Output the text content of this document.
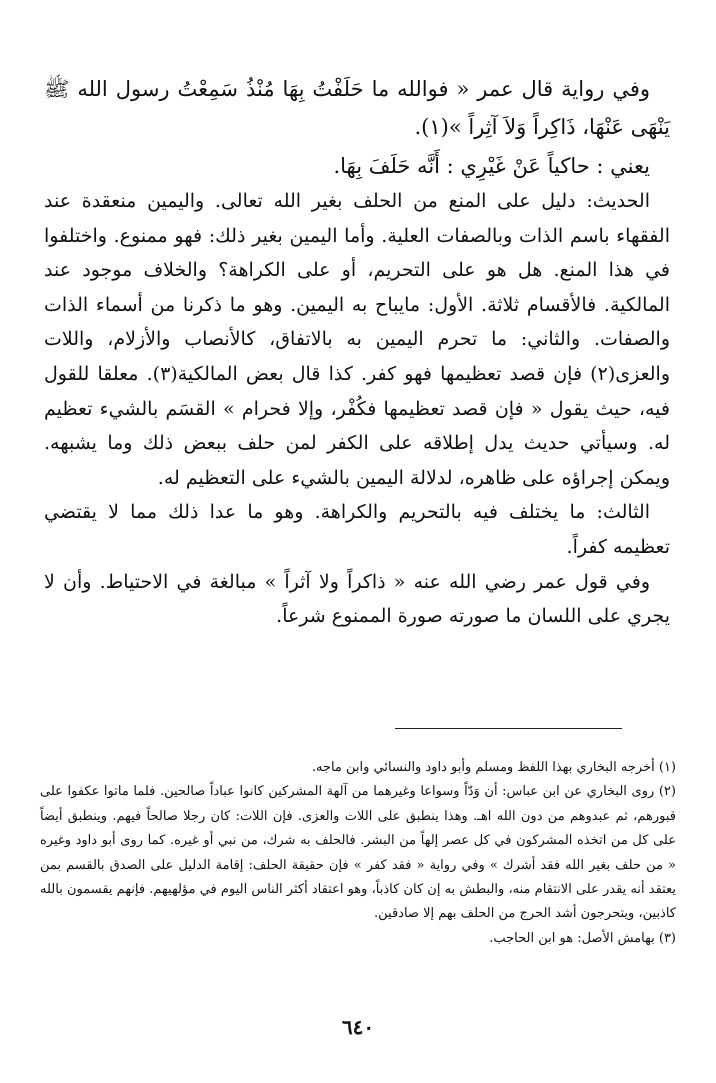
وفي رواية قال عمر « فوالله ما حَلَفْتُ بِهَا مُنْذُ سَمِعْتُ رسول الله ﷺ يَنْهَى عَنْهَا، ذَاكِراً وَلاَ آثِراً »(١).

يعني : حاكياً عَنْ غَيْرِي : أَنَّه حَلَفَ بِهَا.

الحديث: دليل على المنع من الحلف بغير الله تعالى. واليمين منعقدة عند الفقهاء باسم الذات وبالصفات العلية. وأما اليمين بغير ذلك: فهو ممنوع. واختلفوا في هذا المنع. هل هو على التحريم، أو على الكراهة؟ والخلاف موجود عند المالكية. فالأقسام ثلاثة. الأول: مايباح به اليمين. وهو ما ذكرنا من أسماء الذات والصفات. والثاني: ما تحرم اليمين به بالاتفاق، كالأنصاب والأزلام، واللات والعزى(٢) فإن قصد تعظيمها فهو كفر. كذا قال بعض المالكية(٣). معلقا للقول فيه، حيث يقول « فإن قصد تعظيمها فكُفْر، وإلا فحرام » القسَم بالشيء تعظيم له. وسيأتي حديث يدل إطلاقه على الكفر لمن حلف ببعض ذلك وما يشبهه. ويمكن إجراؤه على ظاهره، لدلالة اليمين بالشيء على التعظيم له.

الثالث: ما يختلف فيه بالتحريم والكراهة. وهو ما عدا ذلك مما لا يقتضي تعظيمه كفراً.

وفي قول عمر رضي الله عنه « ذاكراً ولا آثراً » مبالغة في الاحتياط. وأن لا يجري على اللسان ما صورته صورة الممنوع شرعاً.

(١) أخرجه البخاري بهذا اللفظ ومسلم وأبو داود والنسائي وابن ماجه.

(٢) روى البخاري عن ابن عباس: أن وَدّاً وسواعا وغيرهما من آلهة المشركين كانوا عباداً صالحين. فلما ماتوا عكفوا على قبورهم، ثم عبدوهم من دون الله اهـ. وهذا ينطبق على اللات والعزى. فإن اللات: كان رجلا صالحاً فيهم. وينطبق أيضاً على كل من اتخذه المشركون في كل عصر إلهاً من البشر. فالحلف به شرك، من نبي أو غيره. كما روى أبو داود وغيره « من حلف بغير الله فقد أشرك » وفي رواية « فقد كفر » فإن حقيقة الحلف: إقامة الدليل على الصدق بالقسم بمن يعتقد أنه يقدر على الانتقام منه، والبطش به إن كان كاذباً، وهو اعتقاد أكثر الناس اليوم في مؤلهيهم. فإنهم يقسمون بالله كاذبين، ويتحرجون أشد الحرج من الحلف بهم إلا صادقين.

(٣) بهامش الأصل: هو ابن الحاجب.

٦٤٠
